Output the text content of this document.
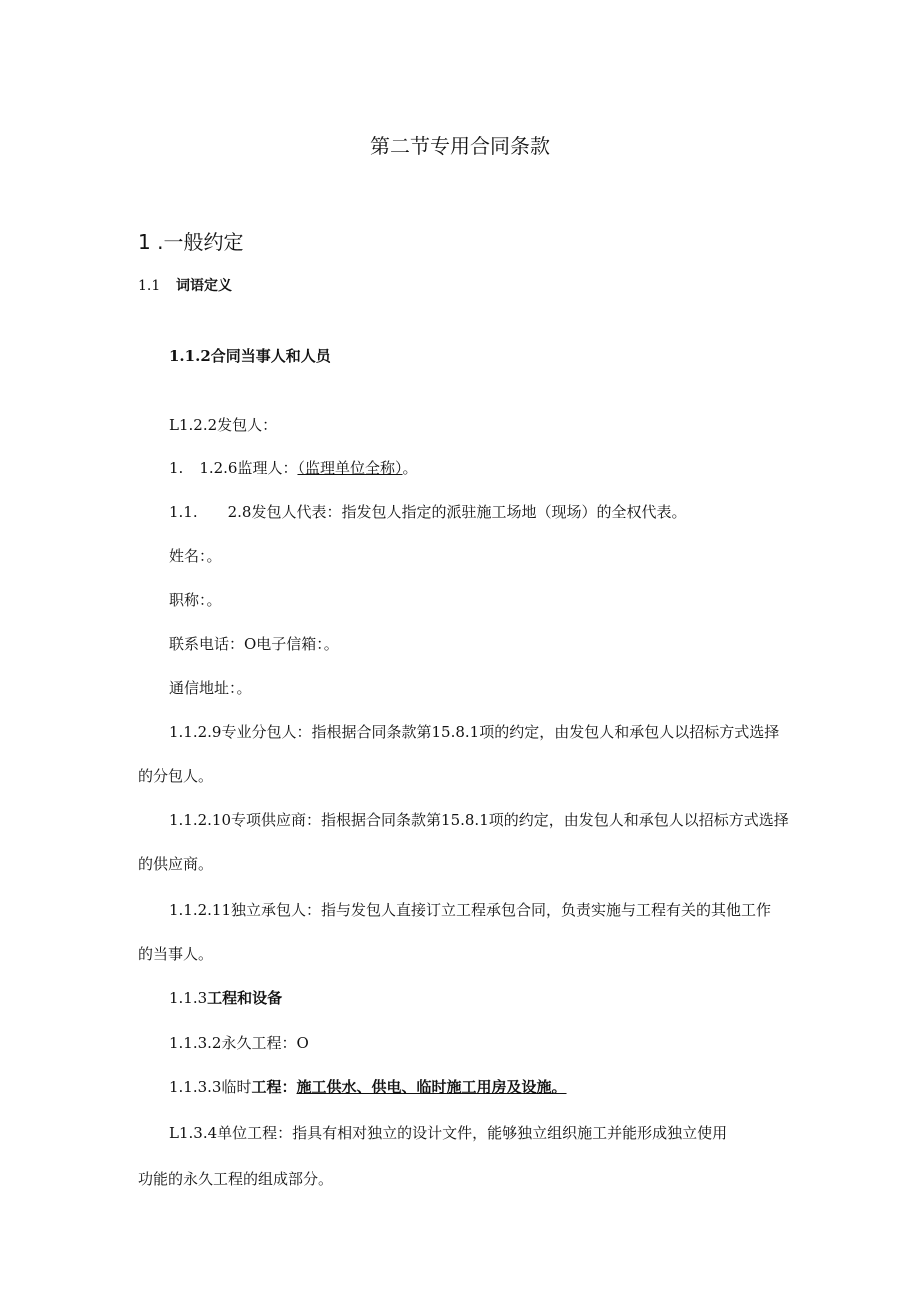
第二节专用合同条款
1 .一般约定
1.1 词语定义
1.1.2合同当事人和人员
L1.2.2发包人：
1. 1.2.6监理人：（监理单位全称）。
1.1. 2.8发包人代表：指发包人指定的派驻施工场地（现场）的全权代表。
姓名：。
职称：。
联系电话：O电子信箱：。
通信地址：。
1.1.2.9专业分包人：指根据合同条款第15.8.1项的约定，由发包人和承包人以招标方式选择
的分包人。
1.1.2.10专项供应商：指根据合同条款第15.8.1项的约定，由发包人和承包人以招标方式选择
的供应商。
1.1.2.11独立承包人：指与发包人直接订立工程承包合同，负责实施与工程有关的其他工作
的当事人。
1.1.3工程和设备
1.1.3.2永久工程：O
1.1.3.3临时工程：施工供水、供电、临时施工用房及设施。
L1.3.4单位工程：指具有相对独立的设计文件，能够独立组织施工并能形成独立使用
功能的永久工程的组成部分。
